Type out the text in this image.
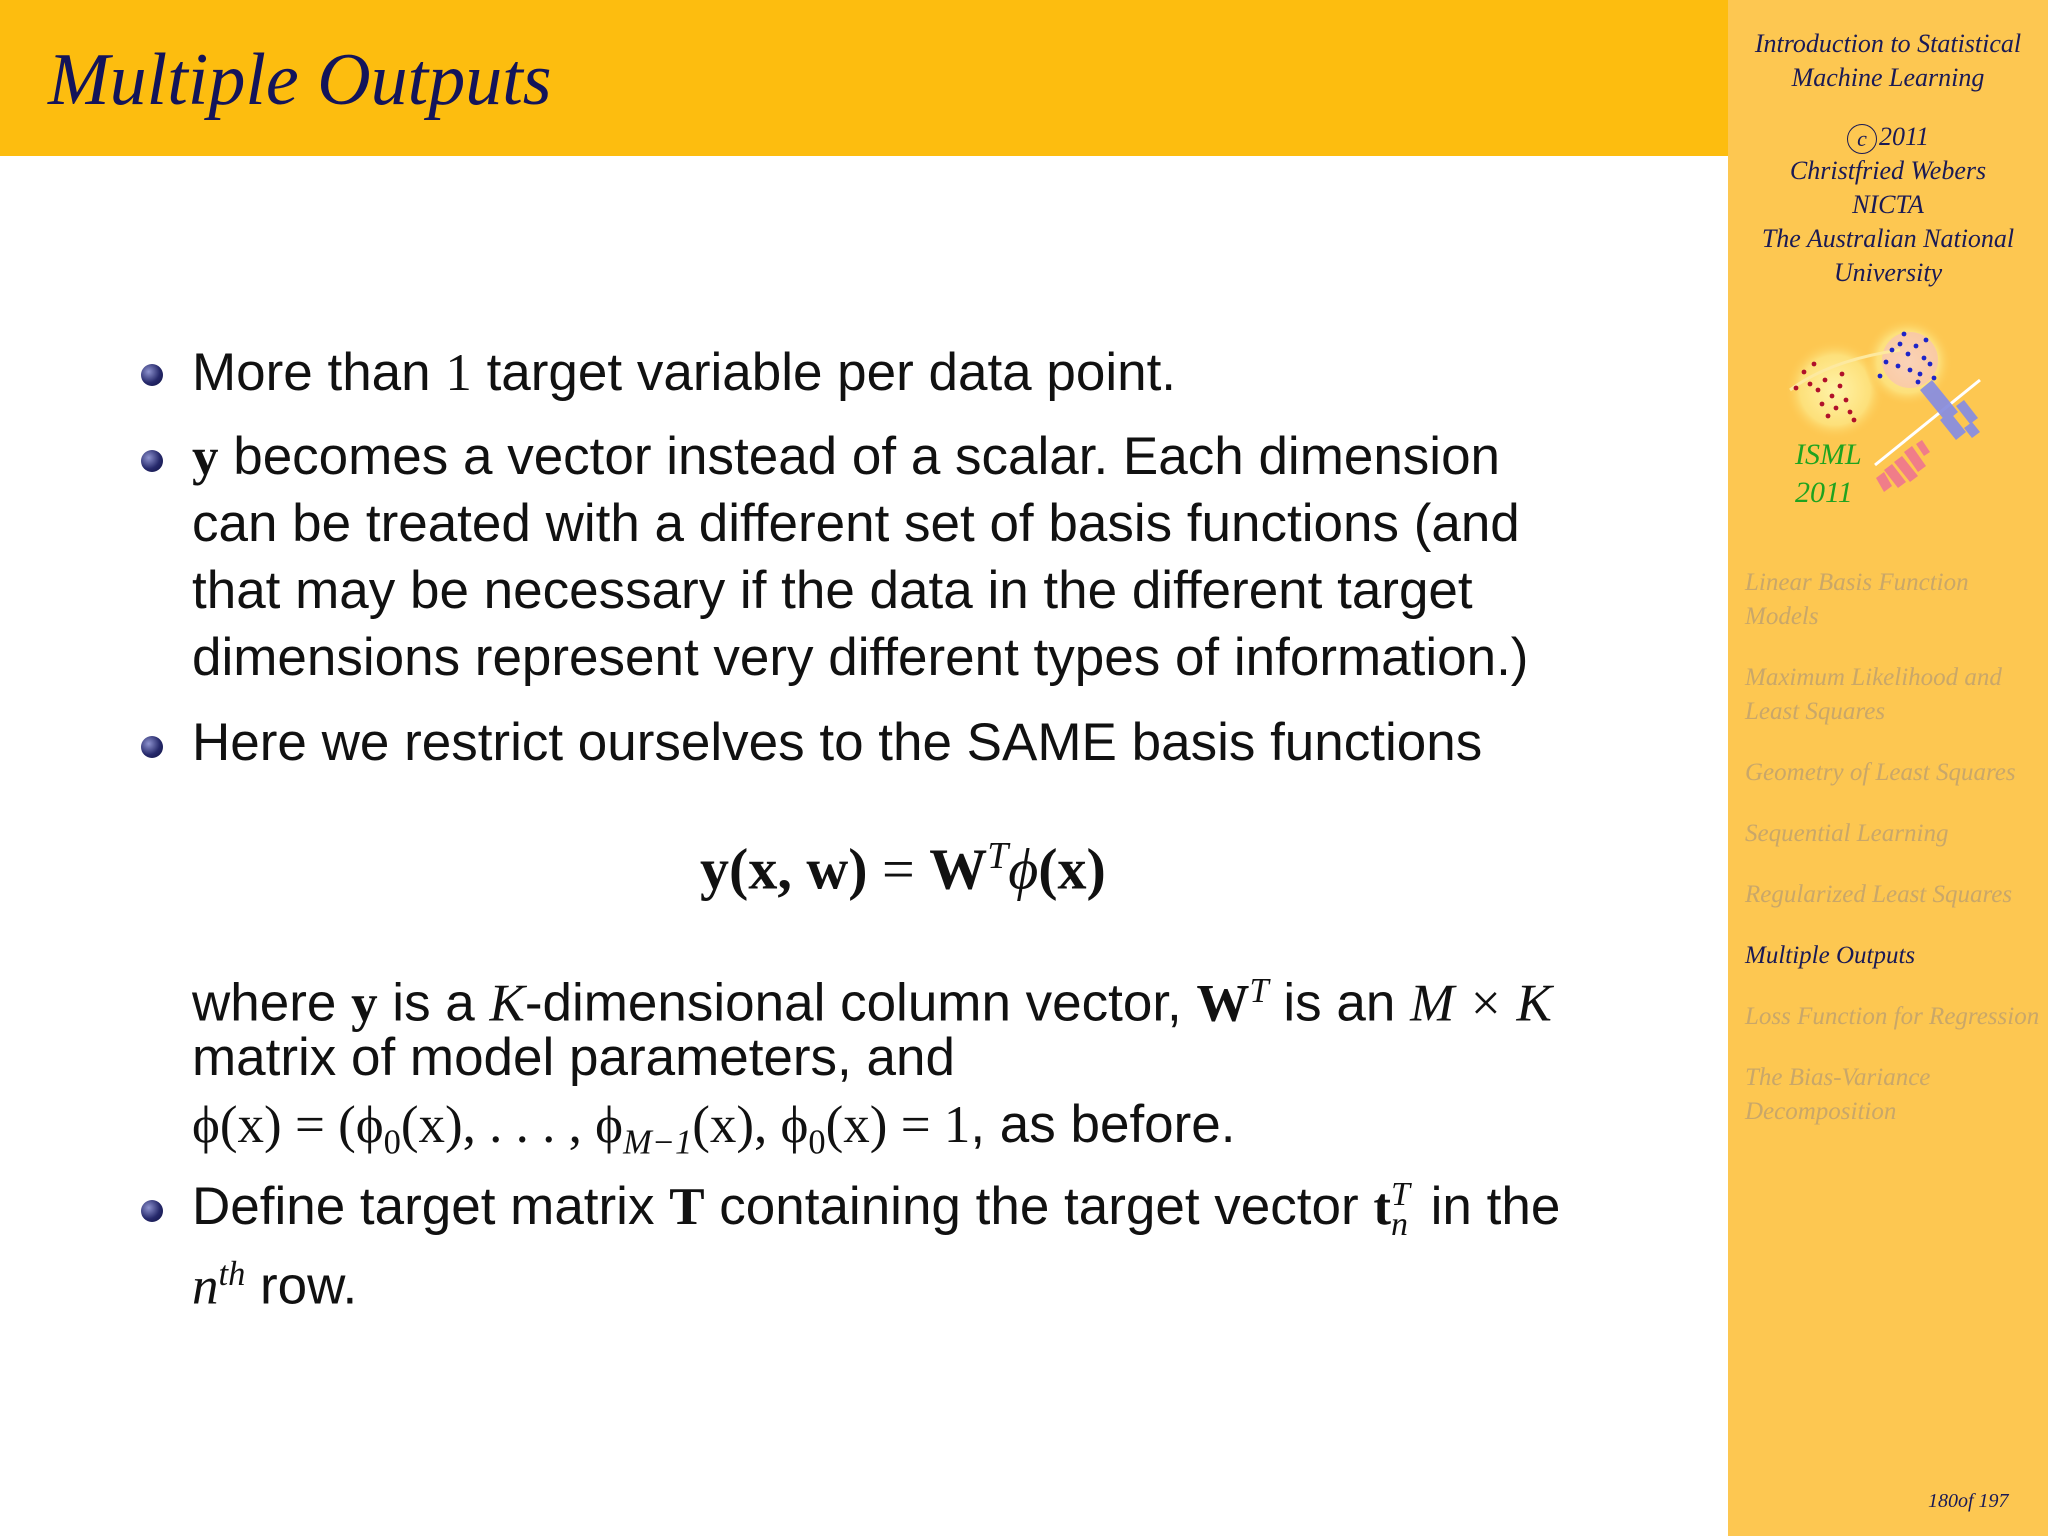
Multiple Outputs	Introduction to Statistical
Machine Learning
c 2011
Christfried Webers
NICTA
The Australian National
University
ISML
2011
Linear Basis Function Models
Maximum Likelihood and Least Squares
Geometry of Least Squares
Sequential Learning
Regularized Least Squares
Multiple Outputs
Loss Function for Regression
The Bias-Variance Decomposition
180of 197
More than 1 target variable per data point.
y becomes a vector instead of a scalar. Each dimension
can be treated with a different set of basis functions (and
that may be necessary if the data in the different target
dimensions represent very different types of information.)
Here we restrict ourselves to the SAME basis functions
y(x, $w) = W^T\phi(x)$
where y is a K-dimensional column vector, $W^T$ is an M × K
matrix of model parameters, and
$\phi(x) = (\phi_0(x)$, . . . , $\phi_{M-1}(x)$, $\phi_0(x) = 1$, as before.
Define target matrix T containing the target vector t T
n in the
$n^{th}$ row.
